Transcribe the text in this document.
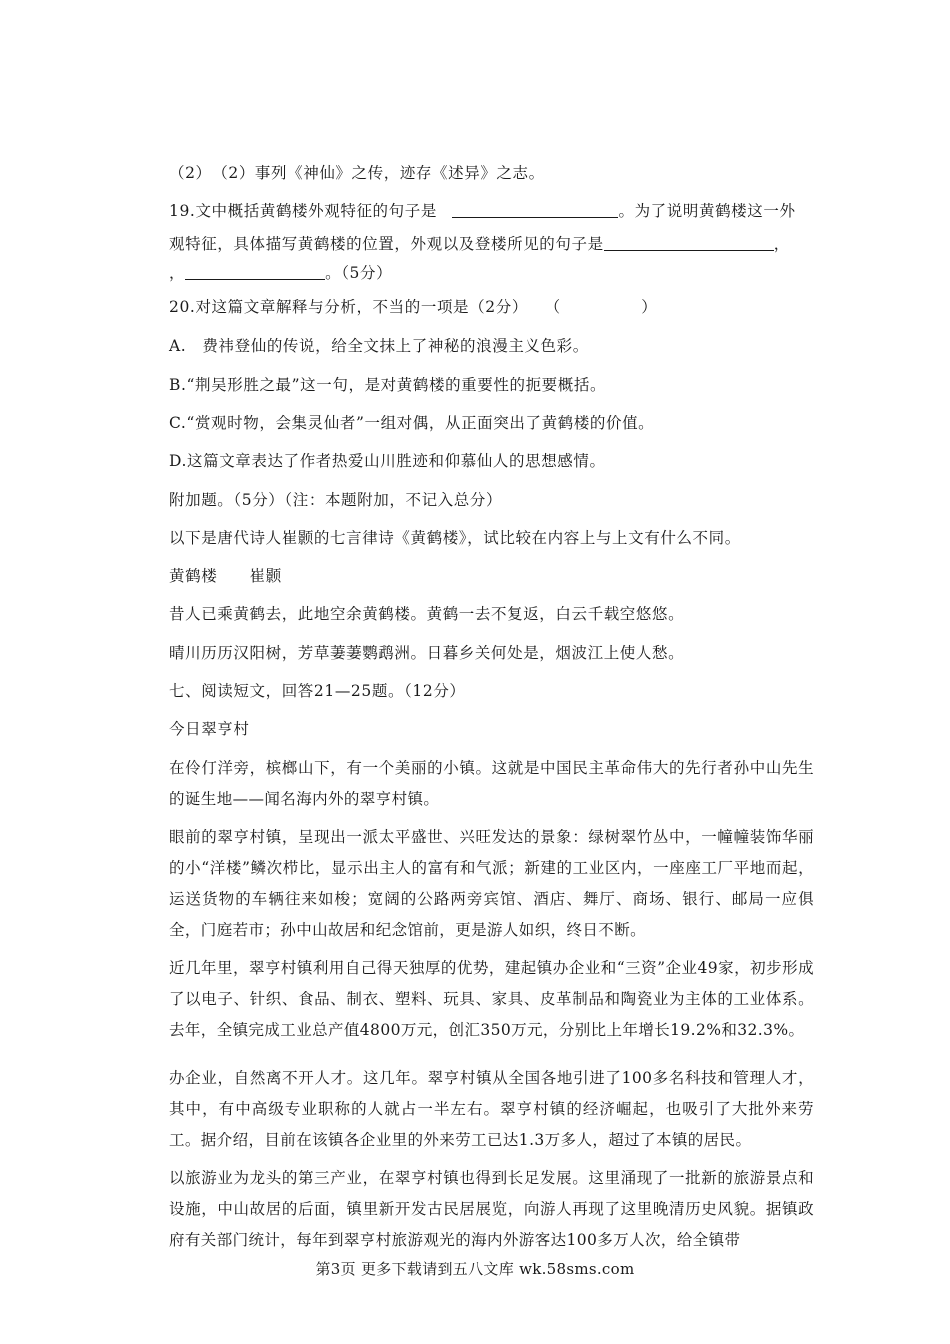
（2）　（2）事列《神仙》之传，迹存《述异》之志。
19.文中概括黄鹤楼外观特征的句子是	。为了说明黄鹤楼这一外
观特征，具体描写黄鹤楼的位置，外观以及登楼所见的句子是	，
，	。（5分）
20.对这篇文章解释与分析，不当的一项是（2分）　　（　　　　　）
A.　费祎登仙的传说，给全文抹上了神秘的浪漫主义色彩。
B.“荆吴形胜之最”这一句，是对黄鹤楼的重要性的扼要概括。
C.“赏观时物，会集灵仙者”一组对偶，从正面突出了黄鹤楼的价值。
D.这篇文章表达了作者热爱山川胜迹和仰慕仙人的思想感情。
附加题。（5分）（注：本题附加，不记入总分）
以下是唐代诗人崔颢的七言律诗《黄鹤楼》，试比较在内容上与上文有什么不同。
黄鹤楼　　崔颢
昔人已乘黄鹤去，此地空余黄鹤楼。黄鹤一去不复返，白云千载空悠悠。
晴川历历汉阳树，芳草萋萋鹦鹉洲。日暮乡关何处是，烟波江上使人愁。
七、阅读短文，回答21—25题。（12分）
今日翠亨村
在伶仃洋旁，槟榔山下，有一个美丽的小镇。这就是中国民主革命伟大的先行者孙中山先生的诞生地——闻名海内外的翠亨村镇。
眼前的翠亨村镇，呈现出一派太平盛世、兴旺发达的景象：绿树翠竹丛中，一幢幢装饰华丽的小“洋楼”鳞次栉比，显示出主人的富有和气派；新建的工业区内，一座座工厂平地而起，运送货物的车辆往来如梭；宽阔的公路两旁宾馆、酒店、舞厅、商场、银行、邮局一应俱全，门庭若市；孙中山故居和纪念馆前，更是游人如织，终日不断。
近几年里，翠亨村镇利用自己得天独厚的优势，建起镇办企业和“三资”企业49家，初步形成了以电子、针织、食品、制衣、塑料、玩具、家具、皮革制品和陶瓷业为主体的工业体系。去年，全镇完成工业总产值4800万元，创汇350万元，分别比上年增长19.2%和32.3%。
办企业，自然离不开人才。这几年。翠亨村镇从全国各地引进了100多名科技和管理人才，其中，有中高级专业职称的人就占一半左右。翠亨村镇的经济崛起，也吸引了大批外来劳工。据介绍，目前在该镇各企业里的外来劳工已达1.3万多人，超过了本镇的居民。
以旅游业为龙头的第三产业，在翠亨村镇也得到长足发展。这里涌现了一批新的旅游景点和设施，中山故居的后面，镇里新开发古民居展览，向游人再现了这里晚清历史风貌。据镇政府有关部门统计，每年到翠亨村旅游观光的海内外游客达100多万人次，给全镇带
第3页 更多下载请到五八文库 wk.58sms.com
